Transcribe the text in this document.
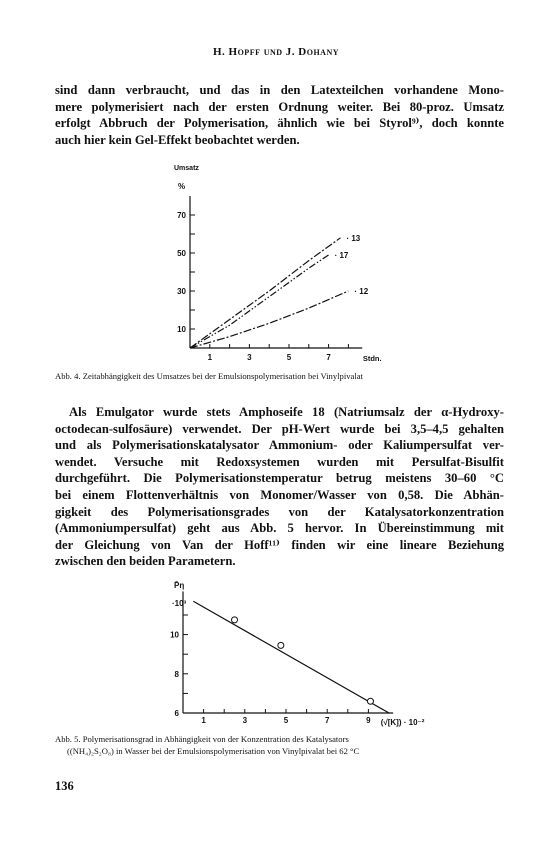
H. Hopff und J. Dohany
sind dann verbraucht, und das in den Latexteilchen vorhandene Mono-
mere polymerisiert nach der ersten Ordnung weiter. Bei 80-proz. Umsatz
erfolgt Abbruch der Polymerisation, ähnlich wie bei Styrol⁹⁾, doch konnte
auch hier kein Gel-Effekt beobachtet werden.
10
30
50
70
1	3	5	7	Stdn.
Umsatz
%
· 13
· 17
· 12
6
8
10
1	3	5	7	9
P̄η
·10³
(√[K]) · 10⁻²
Abb. 4. Zeitabhängigkeit des Umsatzes bei der Emulsionspolymerisation bei Vinylpivalat
Als Emulgator wurde stets Amphoseife 18 (Natriumsalz der α-Hydroxy-
octodecan-sulfosäure) verwendet. Der pH-Wert wurde bei 3,5–4,5 gehalten
und als Polymerisationskatalysator Ammonium- oder Kaliumpersulfat ver-
wendet. Versuche mit Redoxsystemen wurden mit Persulfat-Bisulfit
durchgeführt. Die Polymerisationstemperatur betrug meistens 30–60 °C
bei einem Flottenverhältnis von Monomer/Wasser von 0,58. Die Abhän-
gigkeit des Polymerisationsgrades von der Katalysatorkonzentration
(Ammoniumpersulfat) geht aus Abb. 5 hervor. In Übereinstimmung mit
der Gleichung von Van der Hoff¹¹⁾ finden wir eine lineare Beziehung
zwischen den beiden Parametern.
Abb. 5. Polymerisationsgrad in Abhängigkeit von der Konzentration des Katalysators
((NH₄)₂S₂O₈) in Wasser bei der Emulsionspolymerisation von Vinylpivalat bei 62 °C
136
